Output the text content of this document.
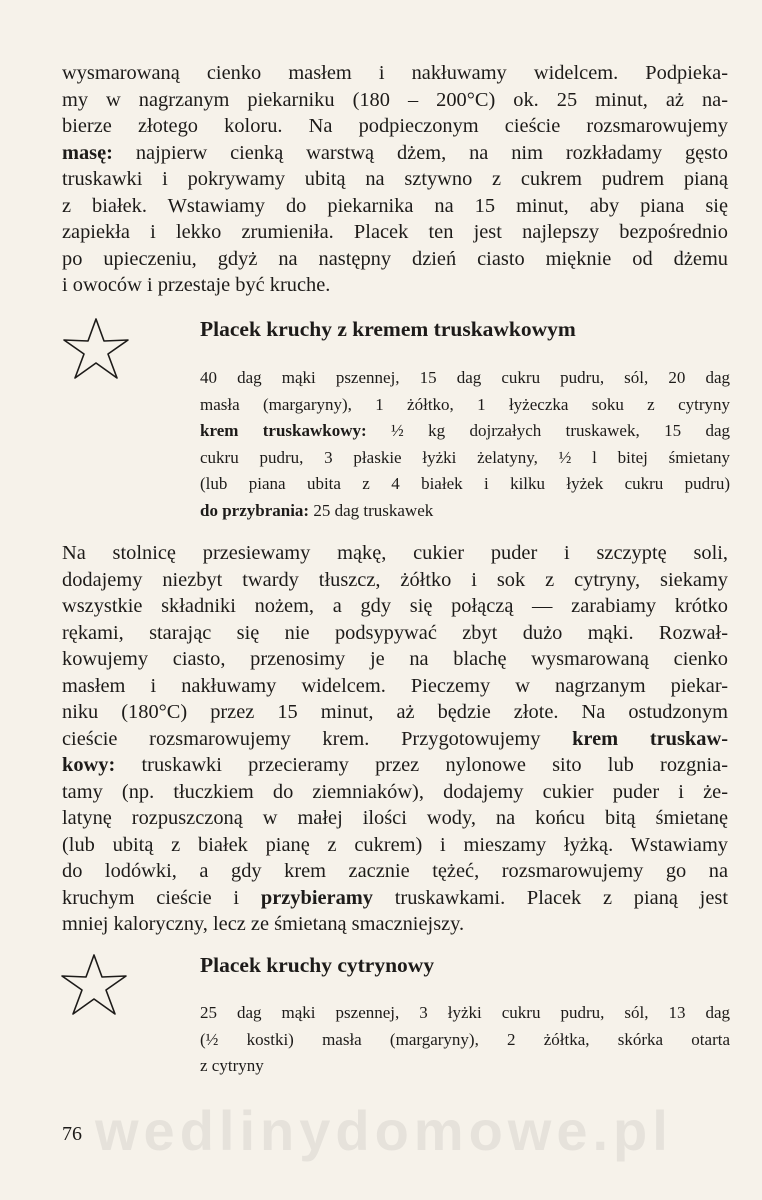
wysmarowaną cienko masłem i nakłuwamy widelcem. Podpieka-
my w nagrzanym piekarniku (180 – 200°C) ok. 25 minut, aż na-
bierze złotego koloru. Na podpieczonym cieście rozsmarowujemy
masę: najpierw cienką warstwą dżem, na nim rozkładamy gęsto
truskawki i pokrywamy ubitą na sztywno z cukrem pudrem pianą
z białek. Wstawiamy do piekarnika na 15 minut, aby piana się
zapiekła i lekko zrumieniła. Placek ten jest najlepszy bezpośrednio
po upieczeniu, gdyż na następny dzień ciasto mięknie od dżemu
i owoców i przestaje być kruche.
Placek kruchy z kremem truskawkowym
40 dag mąki pszennej, 15 dag cukru pudru, sól, 20 dag
masła (margaryny), 1 żółtko, 1 łyżeczka soku z cytryny
krem truskawkowy: ½ kg dojrzałych truskawek, 15 dag
cukru pudru, 3 płaskie łyżki żelatyny, ½ l bitej śmietany
(lub piana ubita z 4 białek i kilku łyżek cukru pudru)
do przybrania: 25 dag truskawek
Na stolnicę przesiewamy mąkę, cukier puder i szczyptę soli,
dodajemy niezbyt twardy tłuszcz, żółtko i sok z cytryny, siekamy
wszystkie składniki nożem, a gdy się połączą — zarabiamy krótko
rękami, starając się nie podsypywać zbyt dużo mąki. Rozwał-
kowujemy ciasto, przenosimy je na blachę wysmarowaną cienko
masłem i nakłuwamy widelcem. Pieczemy w nagrzanym piekar-
niku (180°C) przez 15 minut, aż będzie złote. Na ostudzonym
cieście rozsmarowujemy krem. Przygotowujemy krem truskaw-
kowy: truskawki przecieramy przez nylonowe sito lub rozgnia-
tamy (np. tłuczkiem do ziemniaków), dodajemy cukier puder i że-
latynę rozpuszczoną w małej ilości wody, na końcu bitą śmietanę
(lub ubitą z białek pianę z cukrem) i mieszamy łyżką. Wstawiamy
do lodówki, a gdy krem zacznie tężeć, rozsmarowujemy go na
kruchym cieście i przybieramy truskawkami. Placek z pianą jest
mniej kaloryczny, lecz ze śmietaną smaczniejszy.
Placek kruchy cytrynowy
25 dag mąki pszennej, 3 łyżki cukru pudru, sól, 13 dag
(½ kostki) masła (margaryny), 2 żółtka, skórka otarta
z cytryny
wedlinydomowe.pl
76
